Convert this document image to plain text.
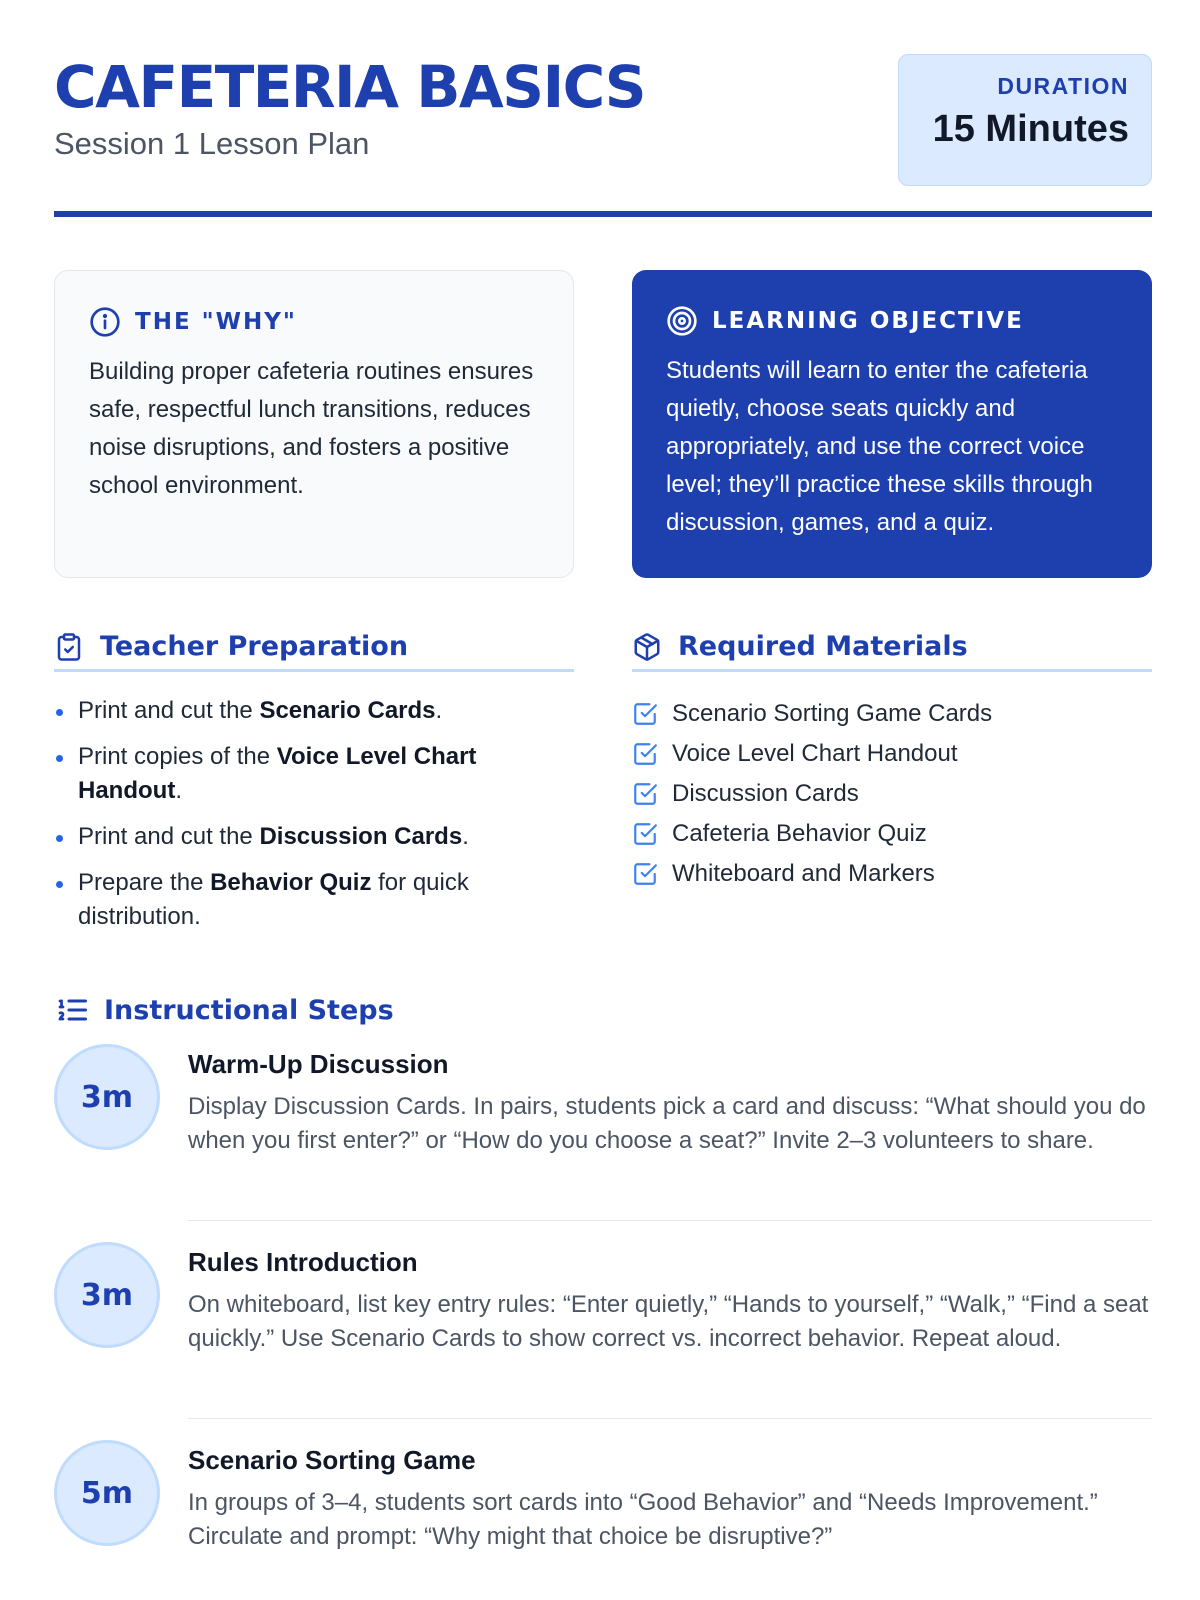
CAFETERIA BASICS
Session 1 Lesson Plan
DURATION
15 Minutes
THE "WHY"
Building proper cafeteria routines ensures safe, respectful lunch transitions, reduces noise disruptions, and fosters a positive school environment.
LEARNING OBJECTIVE
Students will learn to enter the cafeteria quietly, choose seats quickly and appropriately, and use the correct voice level; they’ll practice these skills through discussion, games, and a quiz.
Teacher Preparation
Print and cut the Scenario Cards.
Print copies of the Voice Level Chart Handout.
Print and cut the Discussion Cards.
Prepare the Behavior Quiz for quick distribution.
Required Materials
Scenario Sorting Game Cards
Voice Level Chart Handout
Discussion Cards
Cafeteria Behavior Quiz
Whiteboard and Markers
Instructional Steps
3m
Warm-Up Discussion
Display Discussion Cards. In pairs, students pick a card and discuss: “What should you do when you first enter?” or “How do you choose a seat?” Invite 2–3 volunteers to share.
3m
Rules Introduction
On whiteboard, list key entry rules: “Enter quietly,” “Hands to yourself,” “Walk,” “Find a seat quickly.” Use Scenario Cards to show correct vs. incorrect behavior. Repeat aloud.
5m
Scenario Sorting Game
In groups of 3–4, students sort cards into “Good Behavior” and “Needs Improvement.” Circulate and prompt: “Why might that choice be disruptive?”
